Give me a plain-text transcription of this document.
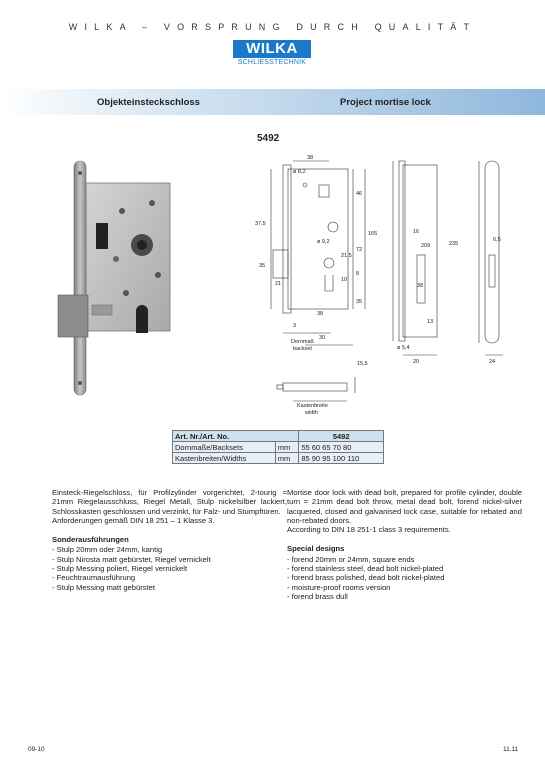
WILKA – VORSPRUNG DURCH QUALITÄT
WILKA
SCHLIESSTECHNIK
Objekteinsteckschloss	Project mortise lock
5492
38
ø 8,2
46
165
37,5
ø 9,2
21,5
72
35
8
10
21
38
35
3
30
Dornmaß
backset
16
209	235
6,5
38
13
ø 5,4
20	24
15,5
Kastenbreite
width
Art. Nr./Art. No.		5492
Dornmaße/Backsets	mm	55 60 65 70 80
Kastenbreiten/Widths	mm	85 90 95 100 110

Einsteck-Riegelschloss, für Profilzylinder vorgerichtet, 2-tourig = 21mm Riegelausschluss, Riegel Metall, Stulp nickelsilber lackiert, Schlosskasten geschlossen und verzinkt, für Falz- und Stumpftüren.

Anforderungen gemäß DIN 18 251 – 1 Klasse 3.

Sonderausführungen
- Stulp 20mm oder 24mm, kantig
- Stulp Nirosta matt gebürstet, Riegel vernickelt
- Stulp Messing poliert, Riegel vernickelt
- Feuchtraumausführung
- Stulp Messing matt gebürstet

Mortise door lock with dead bolt, prepared for profile cylinder, double turn = 21mm dead bolt throw, metal dead bolt, forend nickel-silver lacquered, closed and galvanised lock case, suitable for rebated and non-rebated doors.

According to DIN 18 251-1 class 3 requirements.

Special designs
- forend 20mm or 24mm, square ends
- forend stainless steel, dead bolt nickel-plated
- forend brass polished, dead bolt nickel-plated
- moisture-proof rooms version
- forend brass dull
09-10	11.11
